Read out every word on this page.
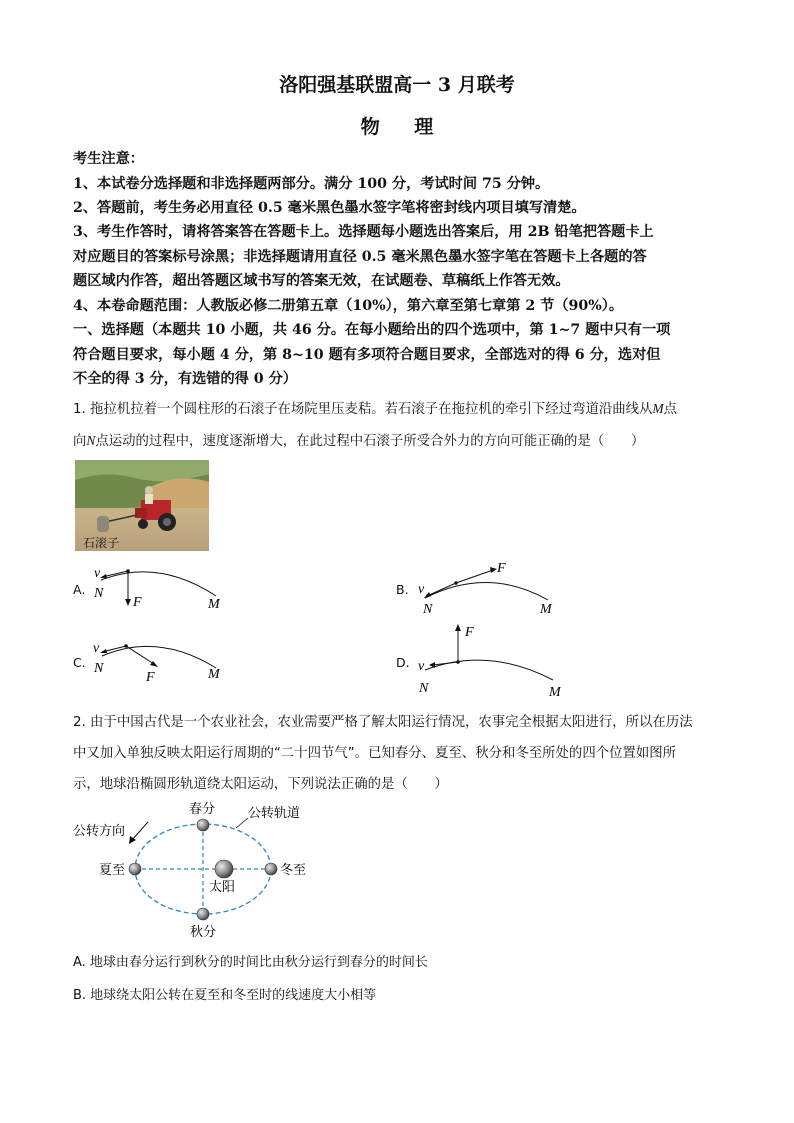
洛阳强基联盟高一 3 月联考
物 理
考生注意：
1、本试卷分选择题和非选择题两部分。满分 100 分，考试时间 75 分钟。
2、答题前，考生务必用直径 0.5 毫米黑色墨水签字笔将密封线内项目填写清楚。
3、考生作答时，请将答案答在答题卡上。选择题每小题选出答案后，用 2B 铅笔把答题卡上
对应题目的答案标号涂黑；非选择题请用直径 0.5 毫米黑色墨水签字笔在答题卡上各题的答
题区域内作答，超出答题区域书写的答案无效，在试题卷、草稿纸上作答无效。
4、本卷命题范围：人教版必修二册第五章（10%），第六章至第七章第 2 节（90%）。
一、选择题（本题共 10 小题，共 46 分。在每小题给出的四个选项中，第 1~7 题中只有一项
符合题目要求，每小题 4 分，第 8~10 题有多项符合题目要求，全部选对的得 6 分，选对但
不全的得 3 分，有选错的得 0 分）
1. 拖拉机拉着一个圆柱形的石滚子在场院里压麦秸。若石滚子在拖拉机的牵引下经过弯道沿曲线从M点
向N点运动的过程中，速度逐渐增大，在此过程中石滚子所受合外力的方向可能正确的是（　　）
石滚子
A.
v
N
F	M
B. v
N
F
M
C.
v
N
F	M
D. v
N
F
M
2. 由于中国古代是一个农业社会，农业需要严格了解太阳运行情况，农事完全根据太阳进行，所以在历法
中又加入单独反映太阳运行周期的“二十四节气”。已知春分、夏至、秋分和冬至所处的四个位置如图所
示，地球沿椭圆形轨道绕太阳运动，下列说法正确的是（　　）
春分	公转轨道
公转方向
夏至	冬至
太阳
秋分
A. 地球由春分运行到秋分的时间比由秋分运行到春分的时间长
B. 地球绕太阳公转在夏至和冬至时的线速度大小相等
